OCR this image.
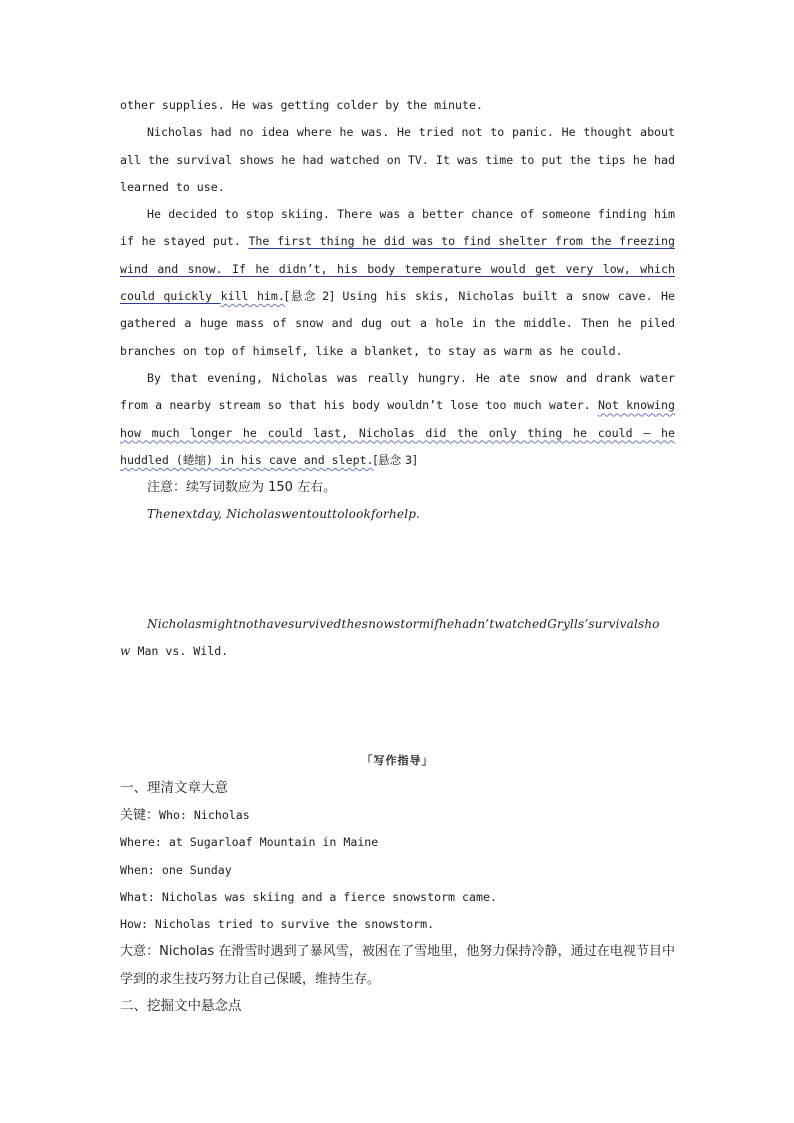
other supplies. He was getting colder by the minute.

Nicholas had no idea where he was. He tried not to panic. He thought about all the survival shows he had watched on TV. It was time to put the tips he had learned to use.

He decided to stop skiing. There was a better chance of someone finding him if he stayed put. The first thing he did was to find shelter from the freezing wind and snow. If he didn’t, his body temperature would get very low, which could quickly kill him.[悬念 2] Using his skis, Nicholas built a snow cave. He gathered a huge mass of snow and dug out a hole in the middle. Then he piled branches on top of himself, like a blanket, to stay as warm as he could.

By that evening, Nicholas was really hungry. He ate snow and drank water from a nearby stream so that his body wouldn’t lose too much water. Not knowing how much longer he could last, Nicholas did the only thing he could — he huddled (蜷缩) in his cave and slept.[悬念 3]

注意：续写词数应为 150 左右。
Thenextday, Nicholaswentouttolookforhelp.

Nicholasmightnothavesurvivedthesnowstormifhehadn’twatchedGrylls’survivalsho
w Man vs. Wild.

「写作指导」
一、理清文章大意
关键：Who: Nicholas
Where: at Sugarloaf Mountain in Maine
When: one Sunday
What: Nicholas was skiing and a fierce snowstorm came.
How: Nicholas tried to survive the snowstorm.

大意：Nicholas 在滑雪时遇到了暴风雪，被困在了雪地里，他努力保持冷静，通过在电视节目中学到的求生技巧努力让自己保暖，维持生存。

二、挖掘文中悬念点
